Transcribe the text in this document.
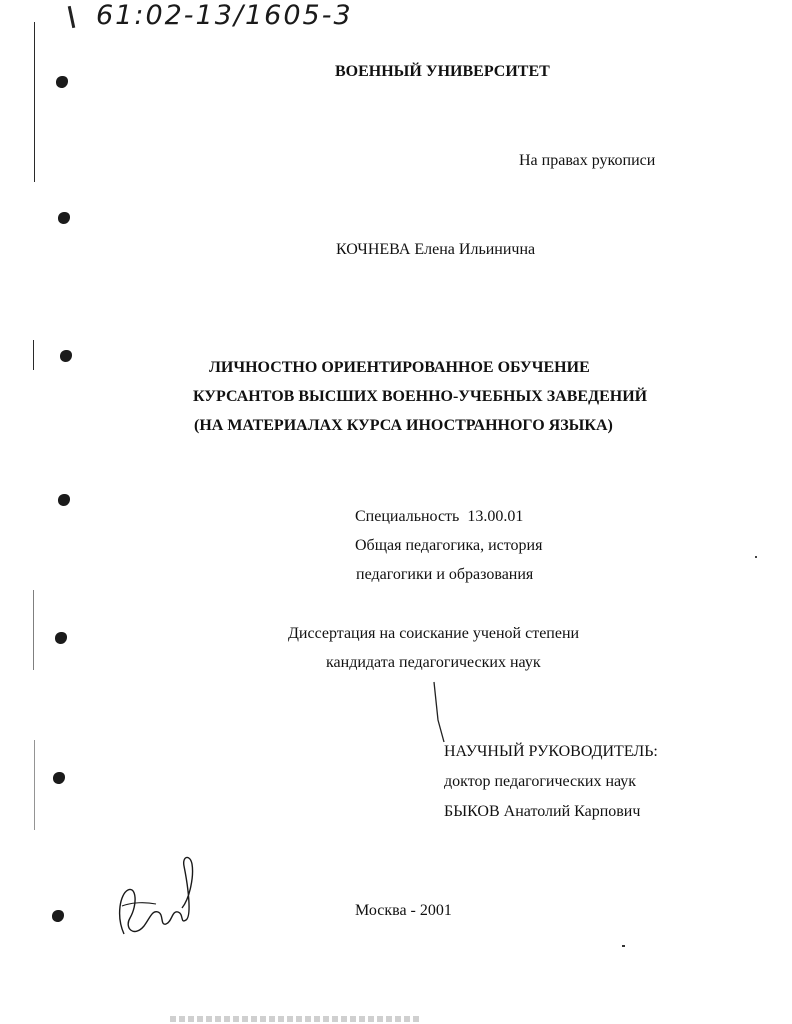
61:02-13/1605-3
ВОЕННЫЙ УНИВЕРСИТЕТ
На правах рукописи
КОЧНЕВА Елена Ильинична
ЛИЧНОСТНО ОРИЕНТИРОВАННОЕ ОБУЧЕНИЕ
КУРСАНТОВ ВЫСШИХ ВОЕННО-УЧЕБНЫХ ЗАВЕДЕНИЙ
(НА МАТЕРИАЛАХ КУРСА ИНОСТРАННОГО ЯЗЫКА)
Специальность 13.00.01
Общая педагогика, история
педагогики и образования
Диссертация на соискание ученой степени
кандидата педагогических наук
НАУЧНЫЙ РУКОВОДИТЕЛЬ:
доктор педагогических наук
БЫКОВ Анатолий Карпович
Москва - 2001
